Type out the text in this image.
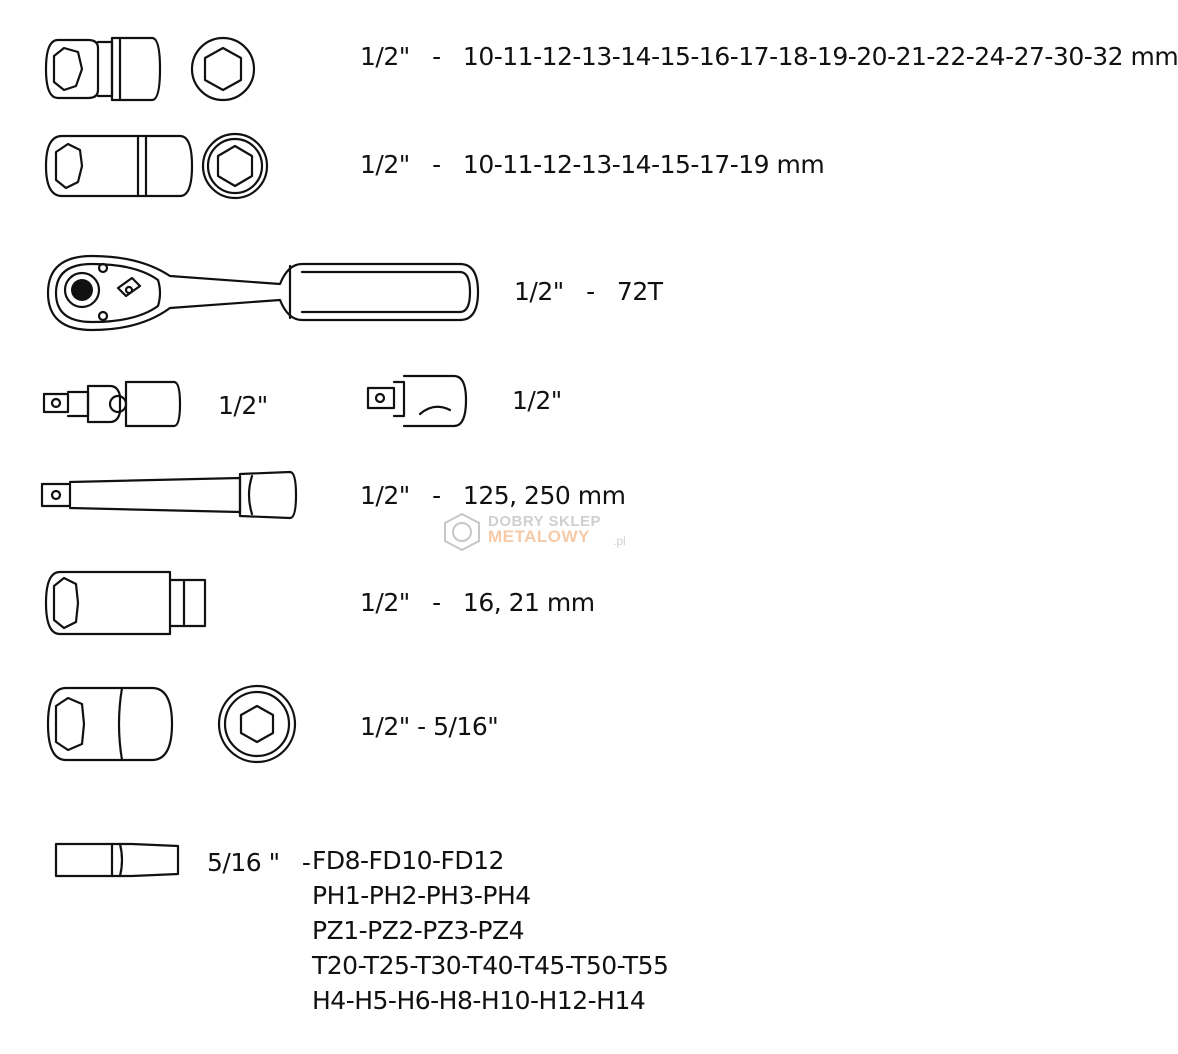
1/2"   -   10-11-12-13-14-15-16-17-18-19-20-21-22-24-27-30-32 mm
1/2"   -   10-11-12-13-14-15-17-19 mm
1/2"   -   72T
1/2"	1/2"
1/2"   -   125, 250 mm
1/2"   -   16, 21 mm
1/2" - 5/16"
5/16 "   - FD8-FD10-FD12
PH1-PH2-PH3-PH4
PZ1-PZ2-PZ3-PZ4
T20-T25-T30-T40-T45-T50-T55
H4-H5-H6-H8-H10-H12-H14
DOBRY SKLEP
METALOWY .pl
